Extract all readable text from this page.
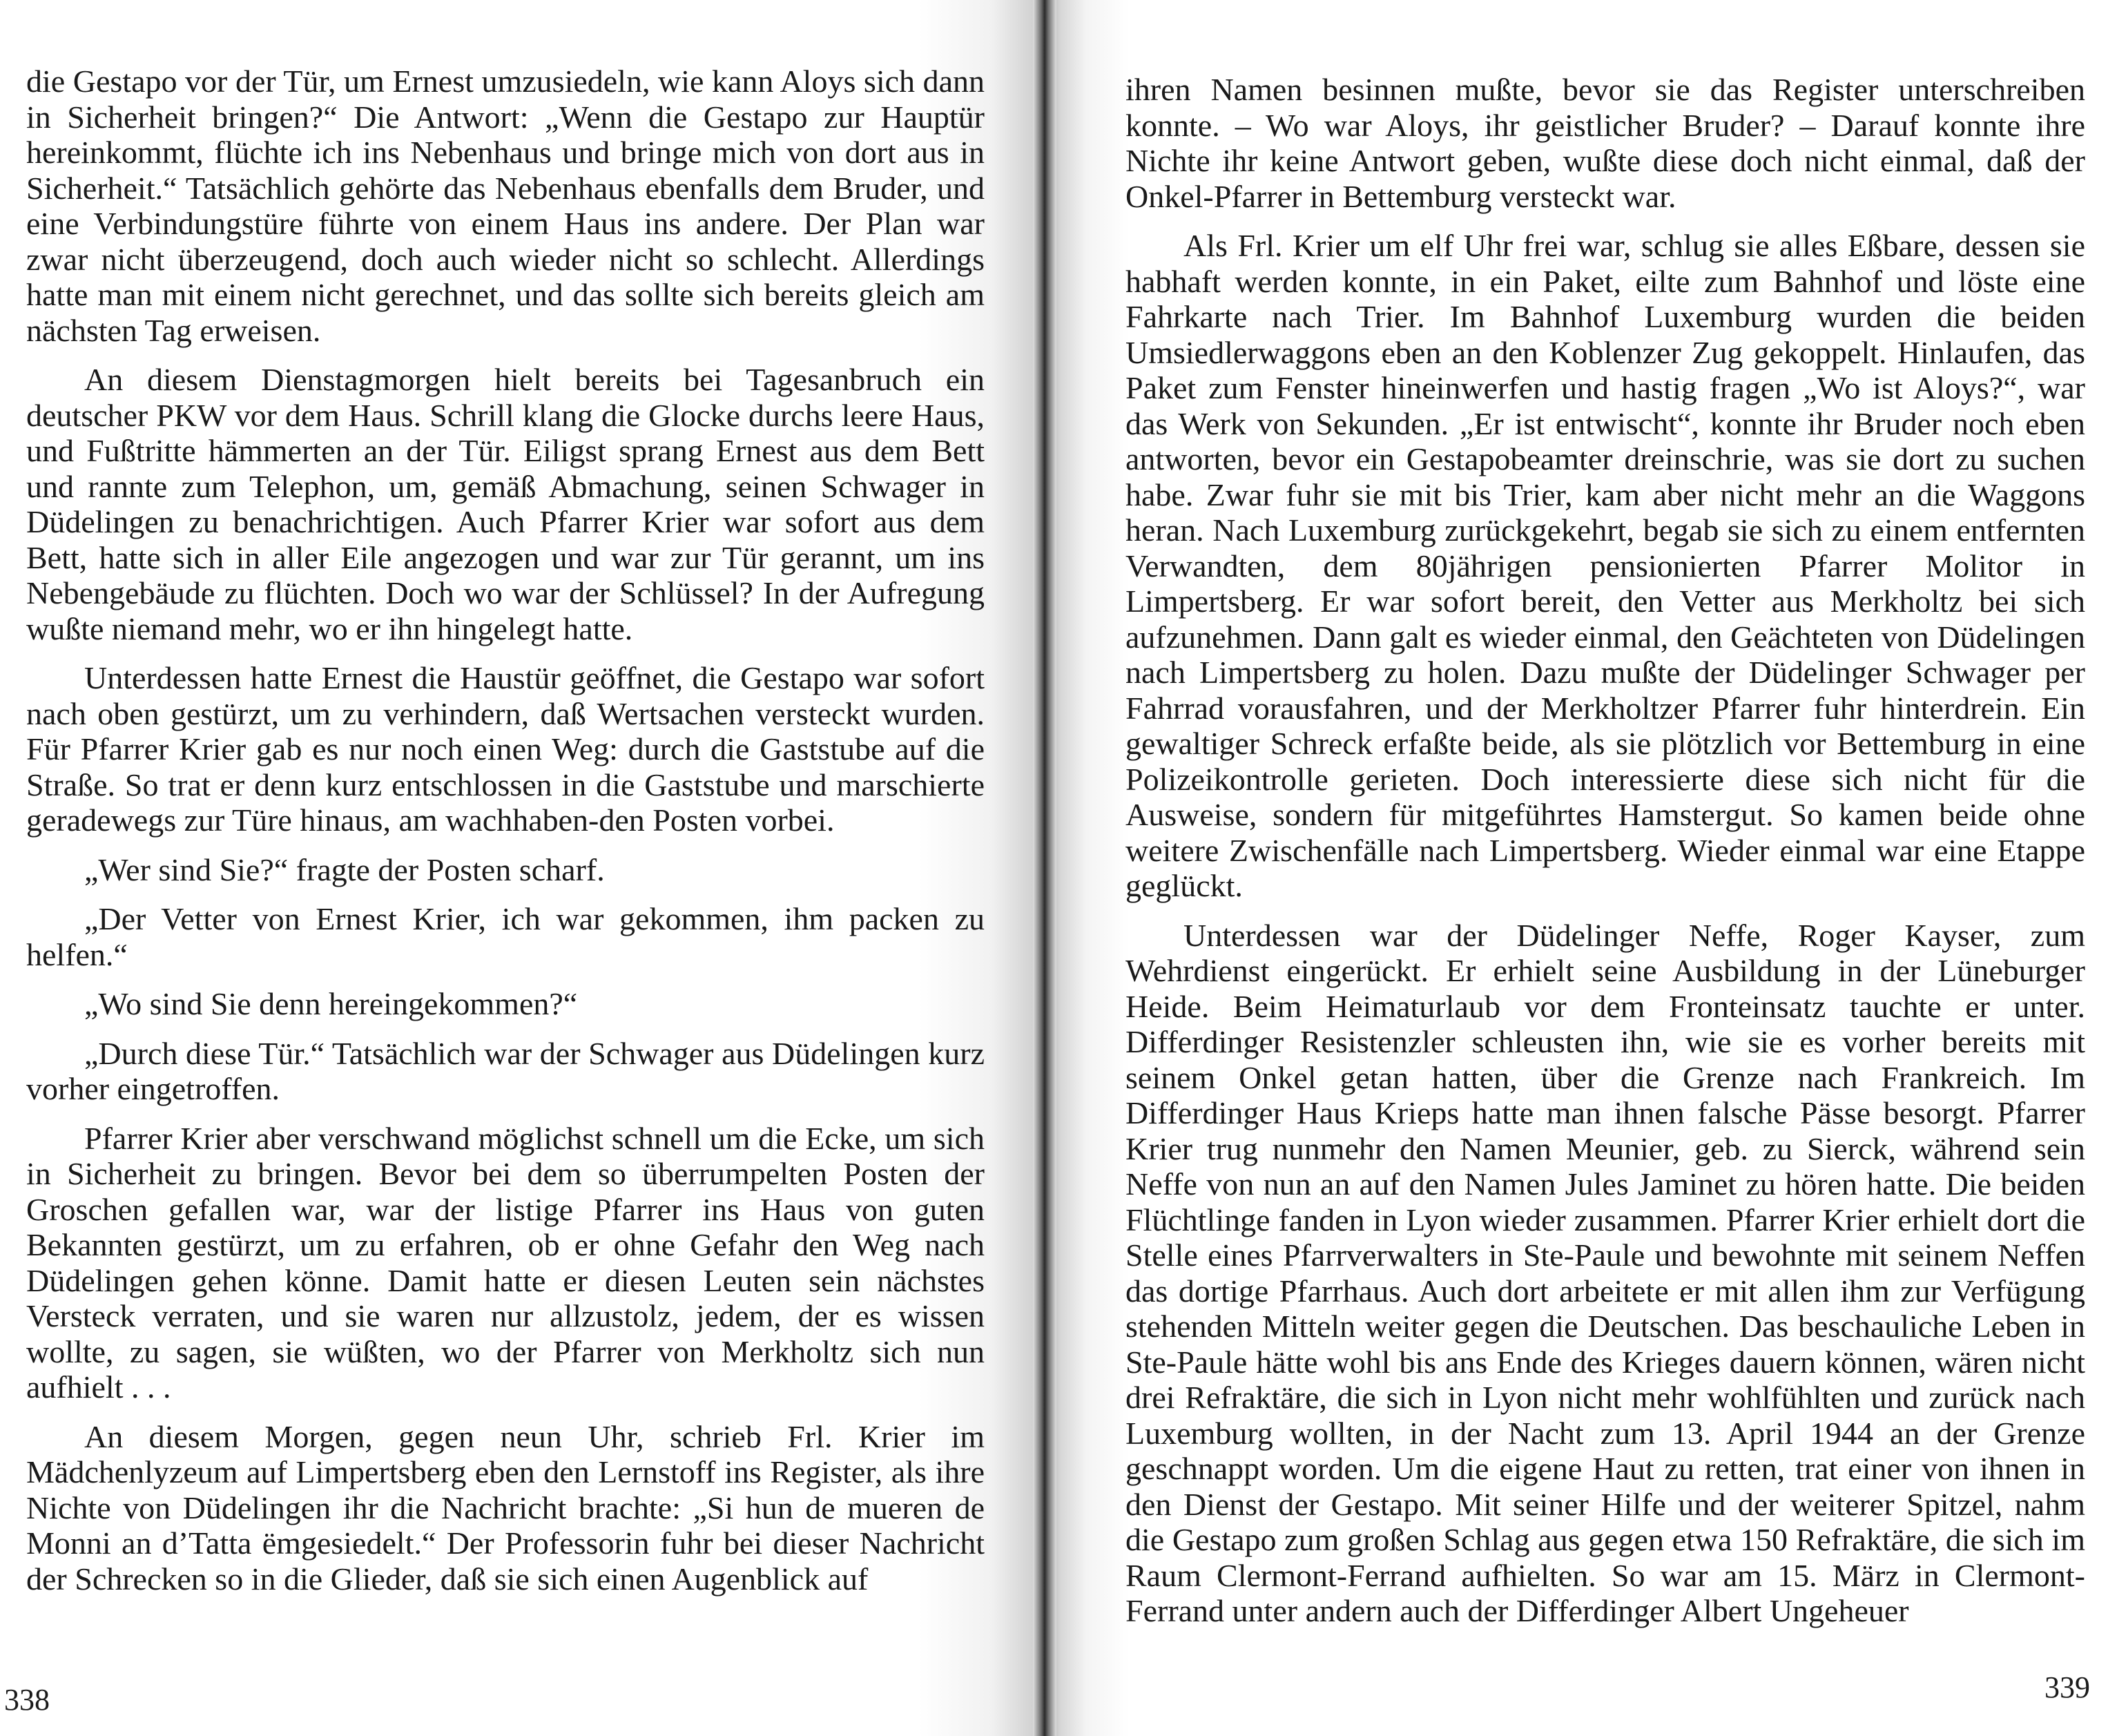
die Gestapo vor der Tür, um Ernest umzusiedeln, wie kann Aloys sich dann in Sicherheit bringen?“ Die Antwort: „Wenn die Gestapo zur Hauptür hereinkommt, flüchte ich ins Nebenhaus und bringe mich von dort aus in Sicherheit.“ Tatsächlich gehörte das Nebenhaus ebenfalls dem Bruder, und eine Verbindungstüre führte von einem Haus ins andere. Der Plan war zwar nicht überzeugend, doch auch wieder nicht so schlecht. Allerdings hatte man mit einem nicht gerechnet, und das sollte sich bereits gleich am nächsten Tag erweisen.

An diesem Dienstagmorgen hielt bereits bei Tagesanbruch ein deutscher PKW vor dem Haus. Schrill klang die Glocke durchs leere Haus, und Fußtritte hämmerten an der Tür. Eiligst sprang Ernest aus dem Bett und rannte zum Telephon, um, gemäß Abmachung, seinen Schwager in Düdelingen zu benachrichtigen. Auch Pfarrer Krier war sofort aus dem Bett, hatte sich in aller Eile angezogen und war zur Tür gerannt, um ins Nebengebäude zu flüchten. Doch wo war der Schlüssel? In der Aufregung wußte niemand mehr, wo er ihn hingelegt hatte.

Unterdessen hatte Ernest die Haustür geöffnet, die Gestapo war sofort nach oben gestürzt, um zu verhindern, daß Wertsachen versteckt wurden. Für Pfarrer Krier gab es nur noch einen Weg: durch die Gaststube auf die Straße. So trat er denn kurz entschlossen in die Gaststube und marschierte geradewegs zur Türe hinaus, am wachhaben-den Posten vorbei.

„Wer sind Sie?“ fragte der Posten scharf.

„Der Vetter von Ernest Krier, ich war gekommen, ihm packen zu helfen.“

„Wo sind Sie denn hereingekommen?“

„Durch diese Tür.“ Tatsächlich war der Schwager aus Düdelingen kurz vorher eingetroffen.

Pfarrer Krier aber verschwand möglichst schnell um die Ecke, um sich in Sicherheit zu bringen. Bevor bei dem so überrumpelten Posten der Groschen gefallen war, war der listige Pfarrer ins Haus von guten Bekannten gestürzt, um zu erfahren, ob er ohne Gefahr den Weg nach Düdelingen gehen könne. Damit hatte er diesen Leuten sein nächstes Versteck verraten, und sie waren nur allzustolz, jedem, der es wissen wollte, zu sagen, sie wüßten, wo der Pfarrer von Merkholtz sich nun aufhielt . . .

An diesem Morgen, gegen neun Uhr, schrieb Frl. Krier im Mädchenlyzeum auf Limpertsberg eben den Lernstoff ins Register, als ihre Nichte von Düdelingen ihr die Nachricht brachte: „Si hun de mueren de Monni an d’Tatta ëmgesiedelt.“ Der Professorin fuhr bei dieser Nachricht der Schrecken so in die Glieder, daß sie sich einen Augenblick auf

338

ihren Namen besinnen mußte, bevor sie das Register unterschreiben konnte. – Wo war Aloys, ihr geistlicher Bruder? – Darauf konnte ihre Nichte ihr keine Antwort geben, wußte diese doch nicht einmal, daß der Onkel-Pfarrer in Bettemburg versteckt war.

Als Frl. Krier um elf Uhr frei war, schlug sie alles Eßbare, dessen sie habhaft werden konnte, in ein Paket, eilte zum Bahnhof und löste eine Fahrkarte nach Trier. Im Bahnhof Luxemburg wurden die beiden Umsiedlerwaggons eben an den Koblenzer Zug gekoppelt. Hinlaufen, das Paket zum Fenster hineinwerfen und hastig fragen „Wo ist Aloys?“, war das Werk von Sekunden. „Er ist entwischt“, konnte ihr Bruder noch eben antworten, bevor ein Gestapobeamter dreinschrie, was sie dort zu suchen habe. Zwar fuhr sie mit bis Trier, kam aber nicht mehr an die Waggons heran. Nach Luxemburg zurückgekehrt, begab sie sich zu einem entfernten Verwandten, dem 80jährigen pensionierten Pfarrer Molitor in Limpertsberg. Er war sofort bereit, den Vetter aus Merkholtz bei sich aufzunehmen. Dann galt es wieder einmal, den Geächteten von Düdelingen nach Limpertsberg zu holen. Dazu mußte der Düdelinger Schwager per Fahrrad vorausfahren, und der Merkholtzer Pfarrer fuhr hinterdrein. Ein gewaltiger Schreck erfaßte beide, als sie plötzlich vor Bettemburg in eine Polizeikontrolle gerieten. Doch interessierte diese sich nicht für die Ausweise, sondern für mitgeführtes Hamstergut. So kamen beide ohne weitere Zwischenfälle nach Limpertsberg. Wieder einmal war eine Etappe geglückt.

Unterdessen war der Düdelinger Neffe, Roger Kayser, zum Wehrdienst eingerückt. Er erhielt seine Ausbildung in der Lüneburger Heide. Beim Heimaturlaub vor dem Fronteinsatz tauchte er unter. Differdinger Resistenzler schleusten ihn, wie sie es vorher bereits mit seinem Onkel getan hatten, über die Grenze nach Frankreich. Im Differdinger Haus Krieps hatte man ihnen falsche Pässe besorgt. Pfarrer Krier trug nunmehr den Namen Meunier, geb. zu Sierck, während sein Neffe von nun an auf den Namen Jules Jaminet zu hören hatte. Die beiden Flüchtlinge fanden in Lyon wieder zusammen. Pfarrer Krier erhielt dort die Stelle eines Pfarrverwalters in Ste-Paule und bewohnte mit seinem Neffen das dortige Pfarrhaus. Auch dort arbeitete er mit allen ihm zur Verfügung stehenden Mitteln weiter gegen die Deutschen. Das beschauliche Leben in Ste-Paule hätte wohl bis ans Ende des Krieges dauern können, wären nicht drei Refraktäre, die sich in Lyon nicht mehr wohlfühlten und zurück nach Luxemburg wollten, in der Nacht zum 13. April 1944 an der Grenze geschnappt worden. Um die eigene Haut zu retten, trat einer von ihnen in den Dienst der Gestapo. Mit seiner Hilfe und der weiterer Spitzel, nahm die Gestapo zum großen Schlag aus gegen etwa 150 Refraktäre, die sich im Raum Clermont-Ferrand aufhielten. So war am 15. März in Clermont-Ferrand unter andern auch der Differdinger Albert Ungeheuer

339
